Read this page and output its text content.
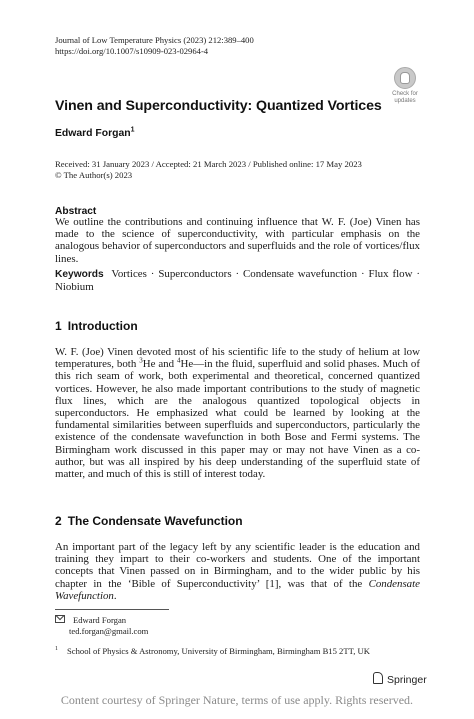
Journal of Low Temperature Physics (2023) 212:389–400
https://doi.org/10.1007/s10909-023-02964-4
Check for
updates
Vinen and Superconductivity: Quantized Vortices
Edward Forgan$^1$
Received: 31 January 2023 / Accepted: 21 March 2023 / Published online: 17 May 2023
© The Author(s) 2023
Abstract
We outline the contributions and continuing influence that W. F. (Joe) Vinen has made to the science of superconductivity, with particular emphasis on the analogous behavior of superconductors and superfluids and the role of vortices/flux lines.
Keywords Vortices · Superconductors · Condensate wavefunction · Flux flow · Niobium
1 Introduction
W. F. (Joe) Vinen devoted most of his scientific life to the study of helium at low temperatures, both $^3$He and $^4$He—in the fluid, superfluid and solid phases. Much of this rich seam of work, both experimental and theoretical, concerned quantized vortices. However, he also made important contributions to the study of magnetic flux lines, which are the analogous quantized topological objects in superconductors. He emphasized what could be learned by looking at the fundamental similarities between superfluids and superconductors, particularly the existence of the condensate wavefunction in both Bose and Fermi systems. The Birmingham work discussed in this paper may or may not have Vinen as a co-author, but was all inspired by his deep understanding of the superfluid state of matter, and much of this is still of interest today.
2 The Condensate Wavefunction
An important part of the legacy left by any scientific leader is the education and training they impart to their co-workers and students. One of the important concepts that Vinen passed on in Birmingham, and to the wider public by his chapter in the ‘Bible of Superconductivity’ [1], was that of the Condensate Wavefunction.
Edward Forgan
ted.forgan@gmail.com
$^1$ School of Physics & Astronomy, University of Birmingham, Birmingham B15 2TT, UK
Springer
Content courtesy of Springer Nature, terms of use apply. Rights reserved.
